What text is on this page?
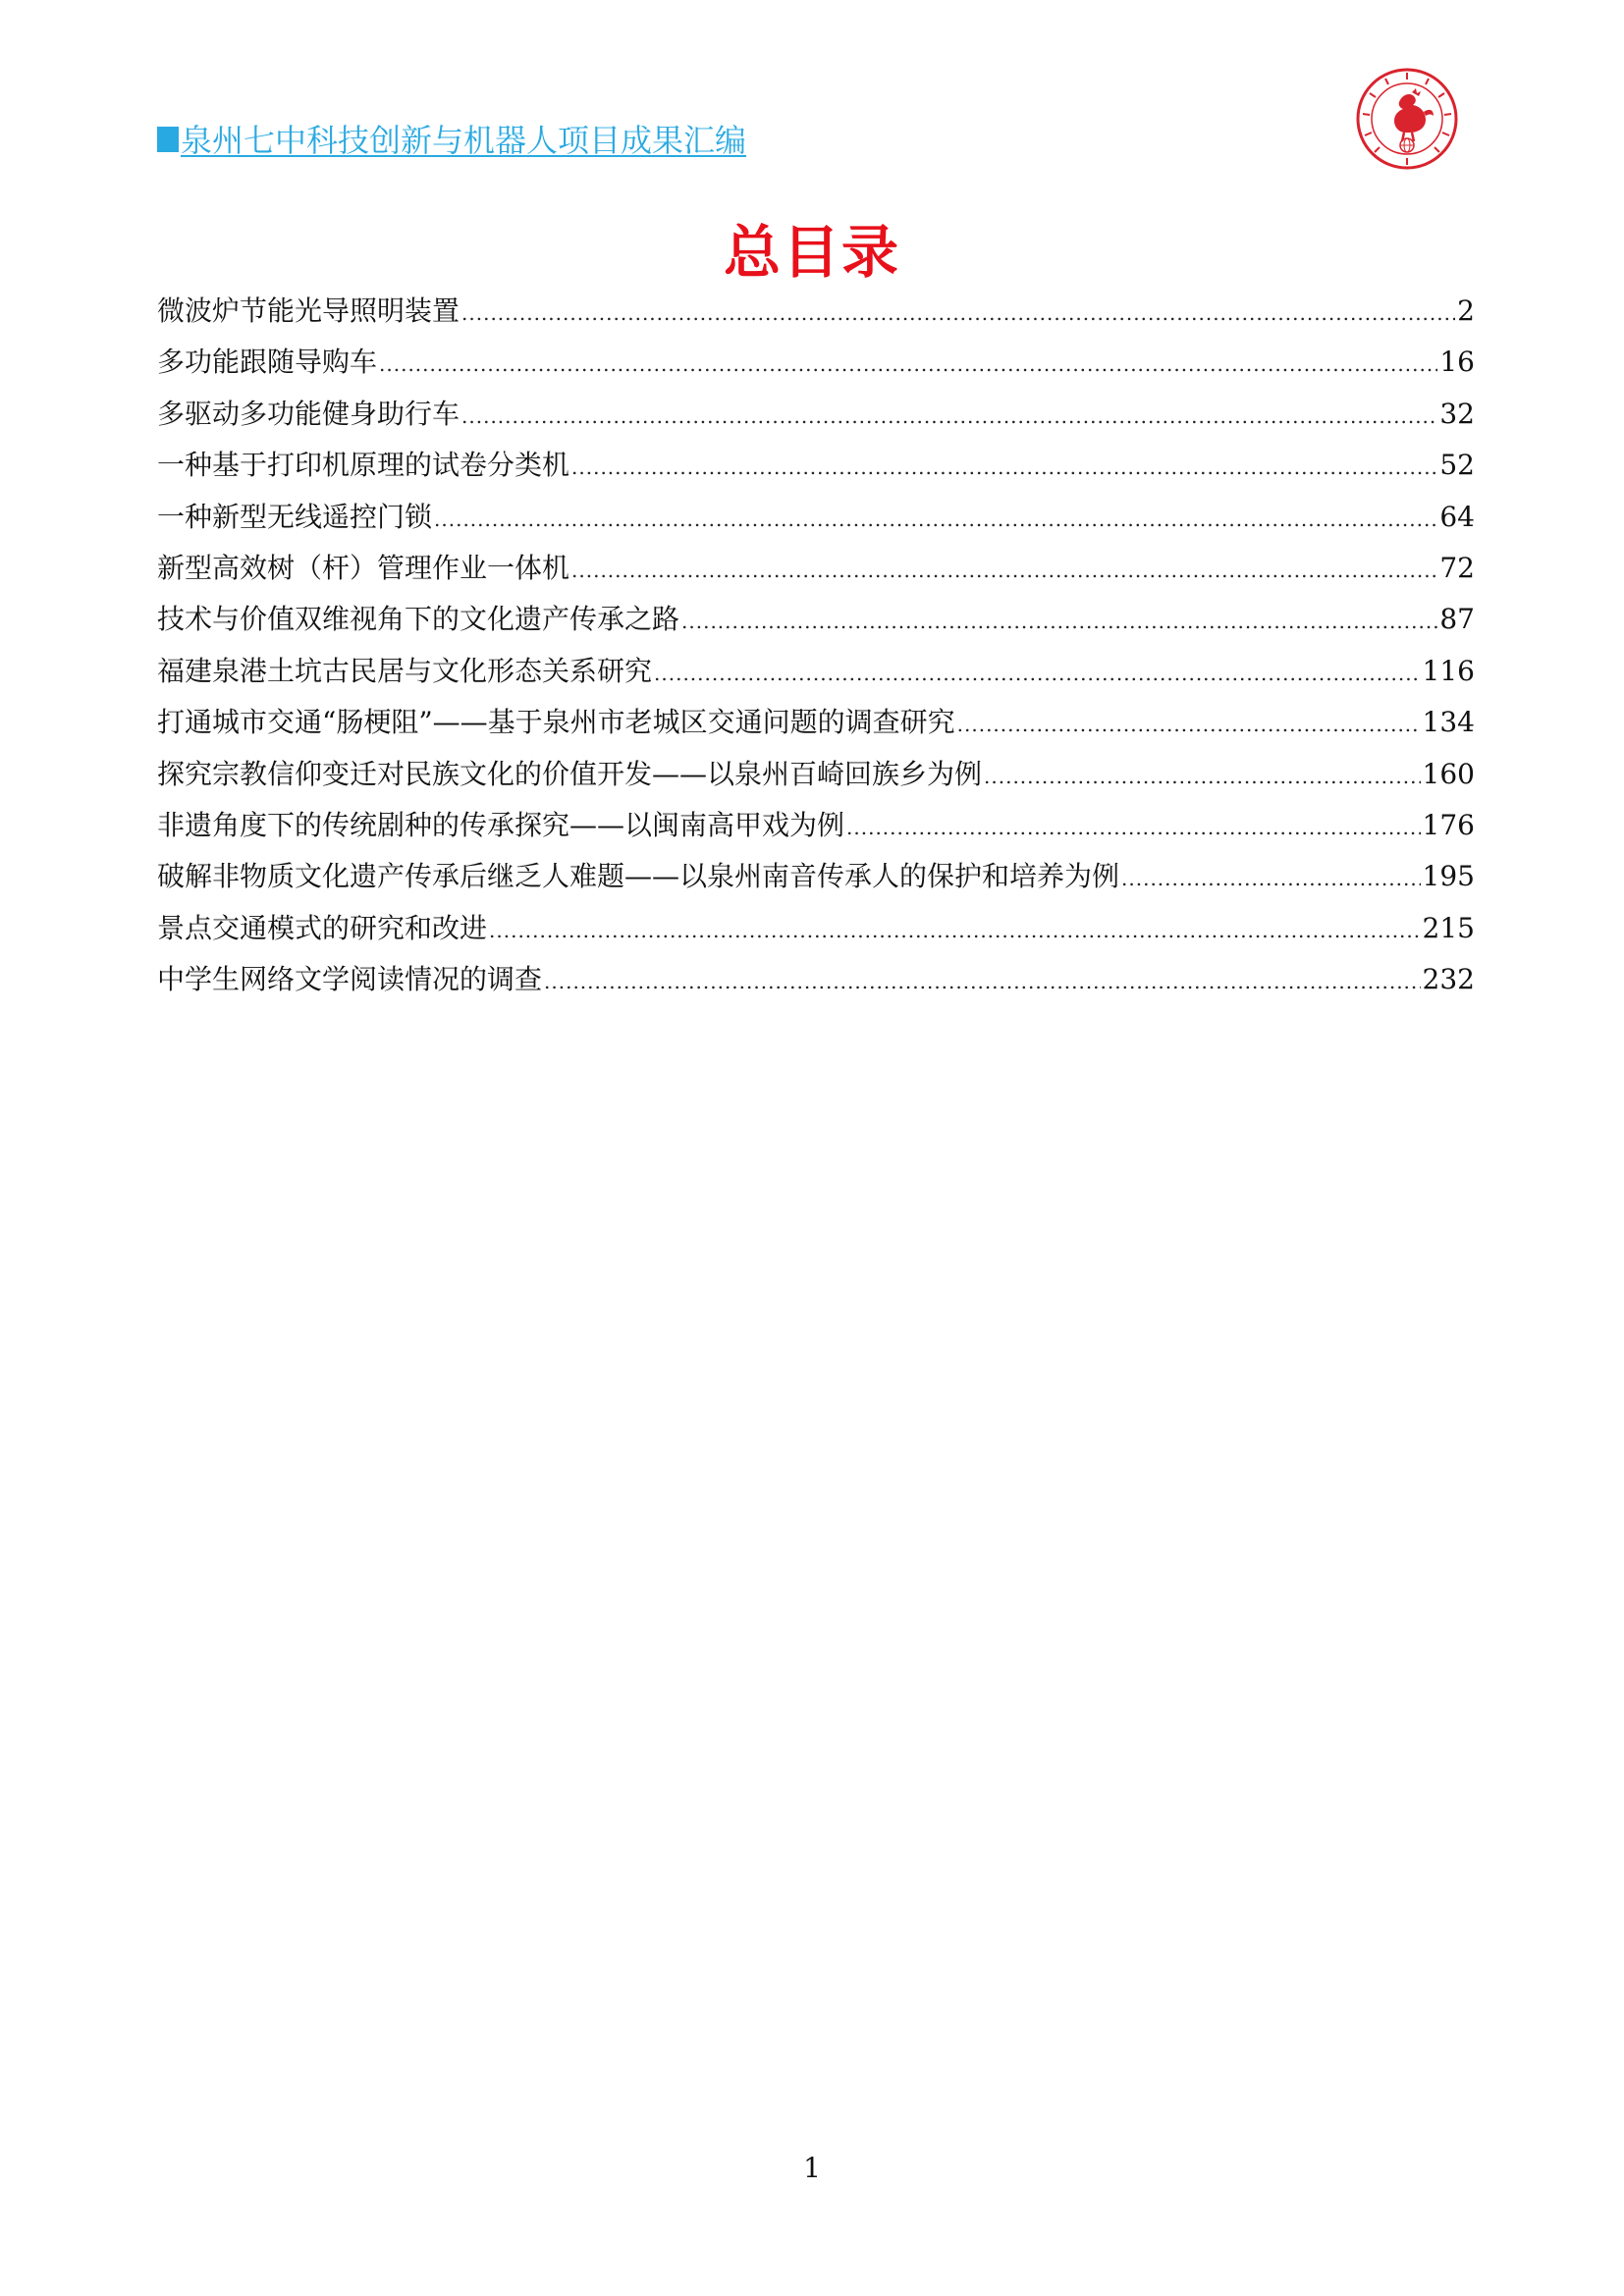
泉州七中科技创新与机器人项目成果汇编
总目录
微波炉节能光导照明装置 .....	2
多功能跟随导购车 .....	16
多驱动多功能健身助行车 .....	32
一种基于打印机原理的试卷分类机 .....	52
一种新型无线遥控门锁 .....	64
新型高效树（杆）管理作业一体机 .....	72
技术与价值双维视角下的文化遗产传承之路 .....	87
福建泉港土坑古民居与文化形态关系研究 .....	116
打通城市交通“肠梗阻”——基于泉州市老城区交通问题的调查研究 .....	134
探究宗教信仰变迁对民族文化的价值开发——以泉州百崎回族乡为例 .....	160
非遗角度下的传统剧种的传承探究——以闽南高甲戏为例 .....	176
破解非物质文化遗产传承后继乏人难题——以泉州南音传承人的保护和培养为例 .....	195
景点交通模式的研究和改进 .....	215
中学生网络文学阅读情况的调查 .....	232
1
